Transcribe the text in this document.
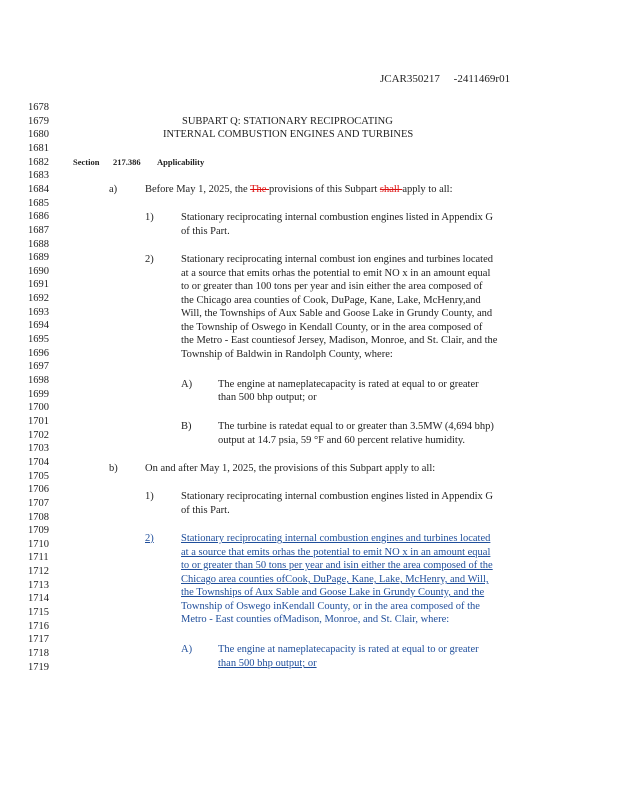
JCAR350217 -2411469r01
1678
1679
1680
1681
1682
1683
1684
1685
1686
1687
1688
1689
1690
1691
1692
1693
1694
1695
1696
1697
1698
1699
1700
1701
1702
1703
1704
1705
1706
1707
1708
1709
1710
1711
1712
1713
1714
1715
1716
1717
1718
1719
SUBPART Q: STATIONARY RECIPROCATING
INTERNAL COMBUSTION ENGINES AND TURBINES
Section 217.386 Applicability
a)	Before May 1, 2025, the The provisions of this Subpart shall apply to all:
1)	Stationary reciprocating internal combustion engines listed in Appendix G
of this Part.
2)	Stationary reciprocating internal combust ion engines and turbines located
at a source that emits orhas the potential to emit NO x in an amount equal
to or greater than 100 tons per year and isin either the area composed of
the Chicago area counties of Cook, DuPage, Kane, Lake, McHenry,and
Will, the Townships of Aux Sable and Goose Lake in Grundy County, and
the Township of Oswego in Kendall County, or in the area composed of
the Metro - East countiesof Jersey, Madison, Monroe, and St. Clair, and the
Township of Baldwin in Randolph County, where:
A) The engine at nameplatecapacity is rated at equal to or greater
than 500 bhp output; or
B)	The turbine is ratedat equal to or greater than 3.5MW (4,694 bhp)
output at 14.7 psia, 59 °F and 60 percent relative humidity.
b)	On and after May 1, 2025, the provisions of this Subpart apply to all:
1)	Stationary reciprocating internal combustion engines listed in Appendix G
of this Part.
2)	Stationary reciprocating internal combustion engines and turbines located
at a source that emits orhas the potential to emit NO x in an amount equal
to or greater than 50 tons per year and isin either the area composed of the
Chicago area counties ofCook, DuPage, Kane, Lake, McHenry, and Will,
the Townships of Aux Sable and Goose Lake in Grundy County, and the
Township of Oswego inKendall County, or in the area composed of the
Metro - East counties ofMadison, Monroe, and St. Clair, where:
A) The engine at nameplatecapacity is rated at equal to or greater
than 500 bhp output; or
